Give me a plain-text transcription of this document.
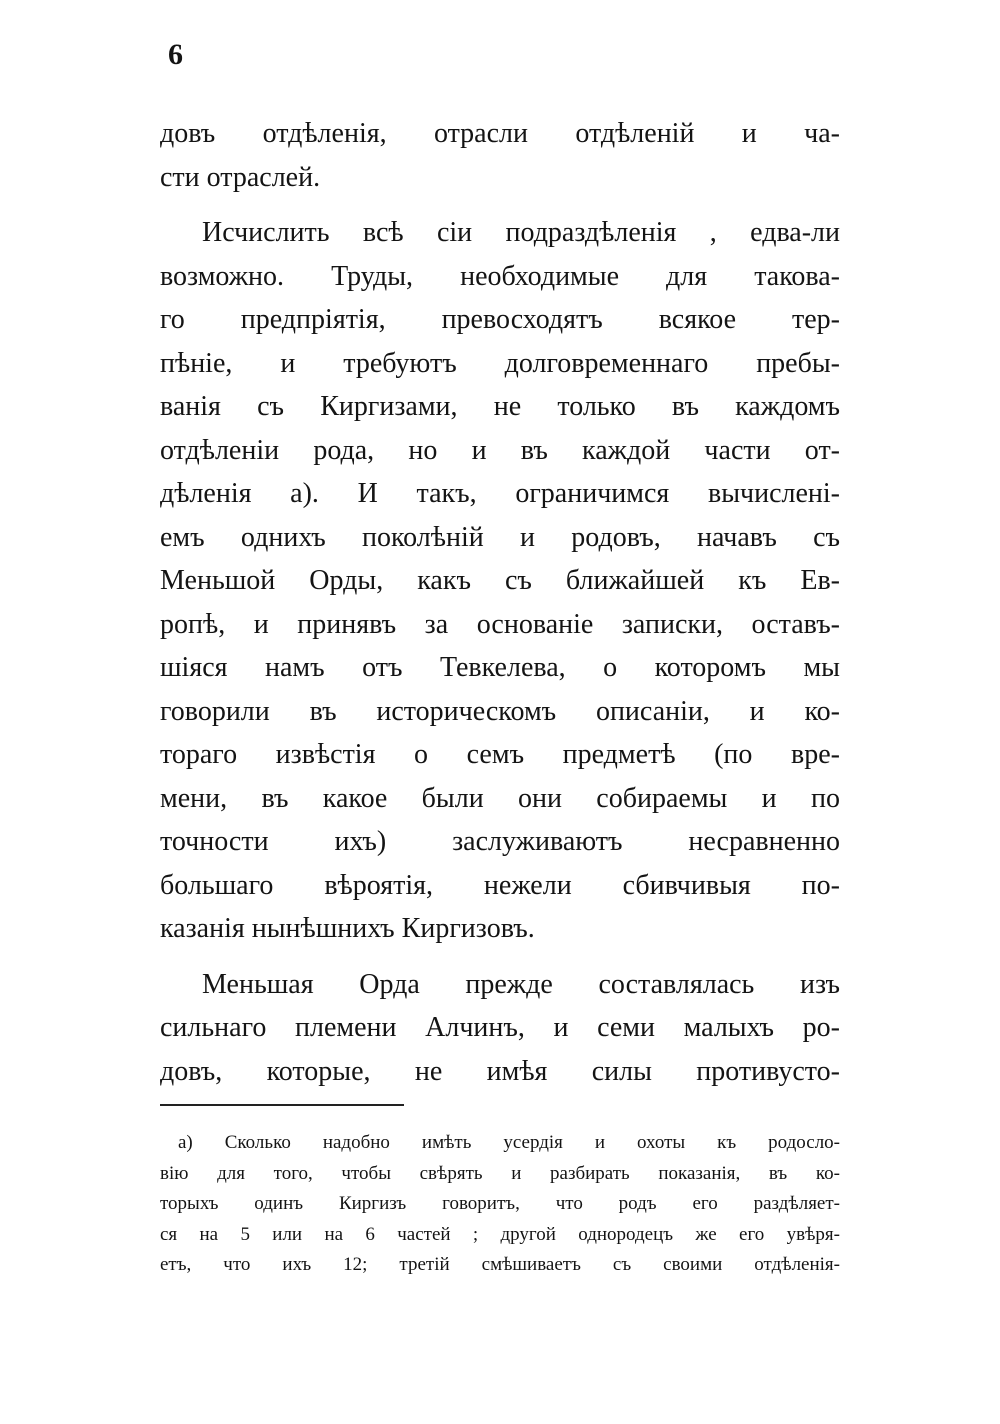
6
довъ отдѣленія, отрасли отдѣленій и ча-
сти отраслей.
Исчислить всѣ сіи подраздѣленія , едва-ли
возможно. Труды, необходимые для такова-
го предпріятія, превосходятъ всякое тер-
пѣніе, и требуютъ долговременнаго пребы-
ванія съ Киргизами, не только въ каждомъ
отдѣленіи рода, но и въ каждой части от-
дѣленія а). И такъ, ограничимся вычисленi-
емъ однихъ поколѣній и родовъ, начавъ съ
Меньшой Орды, какъ съ ближайшей къ Ев-
ропѣ, и принявъ за основаніе записки, оставъ-
шiяся намъ отъ Тевкелева, о которомъ мы
говорили въ историческомъ описаніи, и ко-
тораго извѣстія о семъ предметѣ (по вре-
мени, въ какое были они собираемы и по
точности ихъ) заслуживаютъ несравненно
большаго вѣроятія, нежели сбивчивыя по-
казанія нынѣшнихъ Киргизовъ.
Меньшая Орда прежде составлялась изъ
сильнаго племени Алчинъ, и семи малыхъ ро-
довъ, которые, не имѣя силы противусто-
а) Сколько надобно имѣть усердія и охоты къ родосло-
вію для того, чтобы свѣрять и разбирать показанія, въ ко-
торыхъ одинъ Киргизъ говоритъ, что родъ его раздѣляет-
ся на 5 или на 6 частей ; другой однородецъ же его увѣря-
етъ, что ихъ 12; третій смѣшиваетъ съ своими отдѣленія-
